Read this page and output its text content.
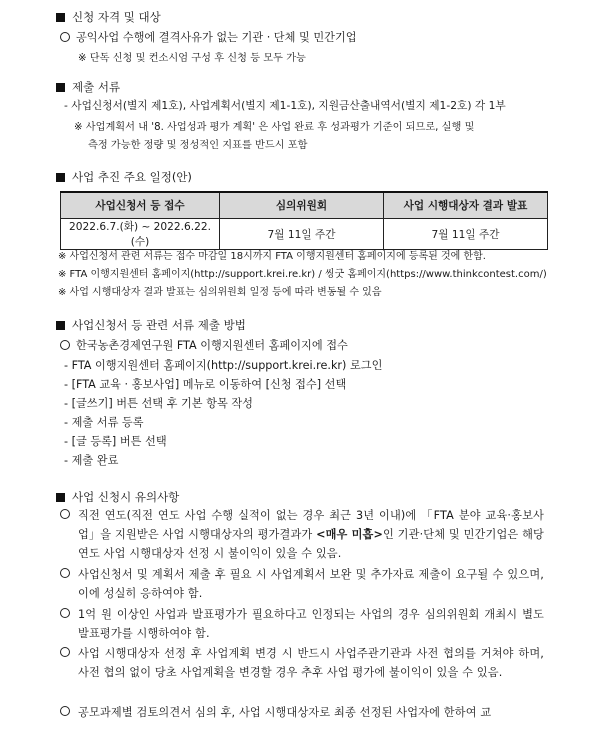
신청 자격 및 대상
공익사업 수행에 결격사유가 없는 기관 · 단체 및 민간기업
※ 단독 신청 및 컨소시엄 구성 후 신청 등 모두 가능
제출 서류
- 사업신청서(별지 제1호), 사업계획서(별지 제1-1호), 지원금산출내역서(별지 제1-2호) 각 1부
※ 사업계획서 내 '8. 사업성과 평가 계획' 은 사업 완료 후 성과평가 기준이 되므로, 실행 및
측정 가능한 정량 및 정성적인 지표를 반드시 포함
사업 추진 주요 일정(안)
사업신청서 등 접수	심의위원회	사업 시행대상자 결과 발표
2022.6.7.(화) ~ 2022.6.22.(수)	7월 11일 주간	7월 11일 주간
※ 사업신청서 관련 서류는 접수 마감일 18시까지 FTA 이행지원센터 홈페이지에 등록된 것에 한함.
※ FTA 이행지원센터 홈페이지(http://support.krei.re.kr) / 씽굿 홈페이지(https://www.thinkcontest.com/)
※ 사업 시행대상자 결과 발표는 심의위원회 일정 등에 따라 변동될 수 있음
사업신청서 등 관련 서류 제출 방법
한국농촌경제연구원 FTA 이행지원센터 홈페이지에 접수
- FTA 이행지원센터 홈페이지(http://support.krei.re.kr) 로그인
- [FTA 교육 · 홍보사업] 메뉴로 이동하여 [신청 접수] 선택
- [글쓰기] 버튼 선택 후 기본 항목 작성
- 제출 서류 등록
- [글 등록] 버튼 선택
- 제출 완료
사업 신청시 유의사항
직전 연도(직전 연도 사업 수행 실적이 없는 경우 최근 3년 이내)에 「FTA 분야 교육·홍보사업」을 지원받은 사업 시행대상자의 평가결과가 <매우 미흡>인 기관·단체 및 민간기업은 해당연도 사업 시행대상자 선정 시 불이익이 있을 수 있음.
사업신청서 및 계획서 제출 후 필요 시 사업계획서 보완 및 추가자료 제출이 요구될 수 있으며, 이에 성실히 응하여야 함.
1억 원 이상인 사업과 발표평가가 필요하다고 인정되는 사업의 경우 심의위원회 개최시 별도 발표평가를 시행하여야 함.
사업 시행대상자 선정 후 사업계획 변경 시 반드시 사업주관기관과 사전 협의를 거쳐야 하며, 사전 협의 없이 당초 사업계획을 변경할 경우 추후 사업 평가에 불이익이 있을 수 있음.
공모과제별 검토의견서 심의 후, 사업 시행대상자로 최종 선정된 사업자에 한하여 교
